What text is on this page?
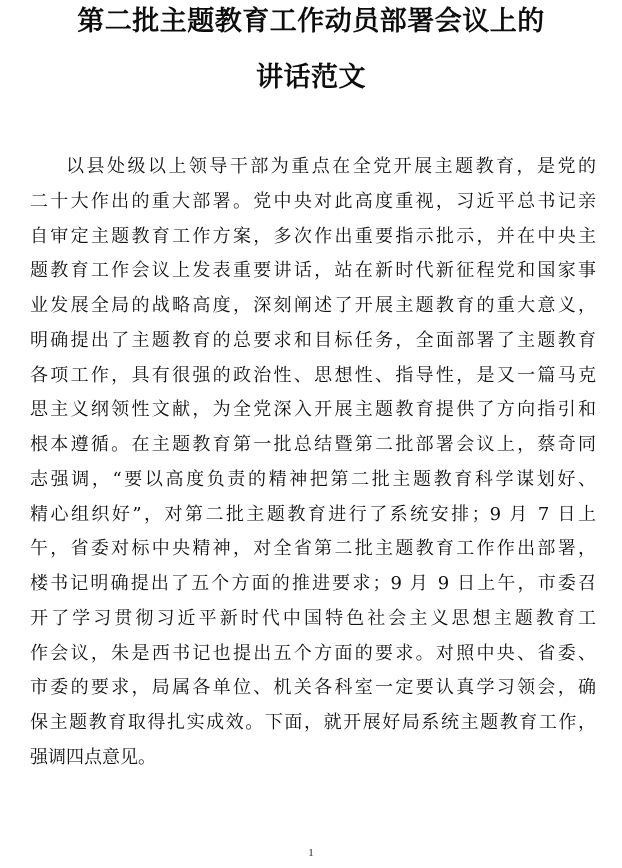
第二批主题教育工作动员部署会议上的
讲话范文
以县处级以上领导干部为重点在全党开展主题教育，是党的
二十大作出的重大部署。党中央对此高度重视，习近平总书记亲
自审定主题教育工作方案，多次作出重要指示批示，并在中央主
题教育工作会议上发表重要讲话，站在新时代新征程党和国家事
业发展全局的战略高度，深刻阐述了开展主题教育的重大意义，
明确提出了主题教育的总要求和目标任务，全面部署了主题教育
各项工作，具有很强的政治性、思想性、指导性，是又一篇马克
思主义纲领性文献，为全党深入开展主题教育提供了方向指引和
根本遵循。在主题教育第一批总结暨第二批部署会议上，蔡奇同
志强调，“要以高度负责的精神把第二批主题教育科学谋划好、
精心组织好”，对第二批主题教育进行了系统安排；9 月 7 日上
午，省委对标中央精神，对全省第二批主题教育工作作出部署，
楼书记明确提出了五个方面的推进要求；9 月 9 日上午，市委召
开了学习贯彻习近平新时代中国特色社会主义思想主题教育工
作会议，朱是西书记也提出五个方面的要求。对照中央、省委、
市委的要求，局属各单位、机关各科室一定要认真学习领会，确
保主题教育取得扎实成效。下面，就开展好局系统主题教育工作，
强调四点意见。
1
